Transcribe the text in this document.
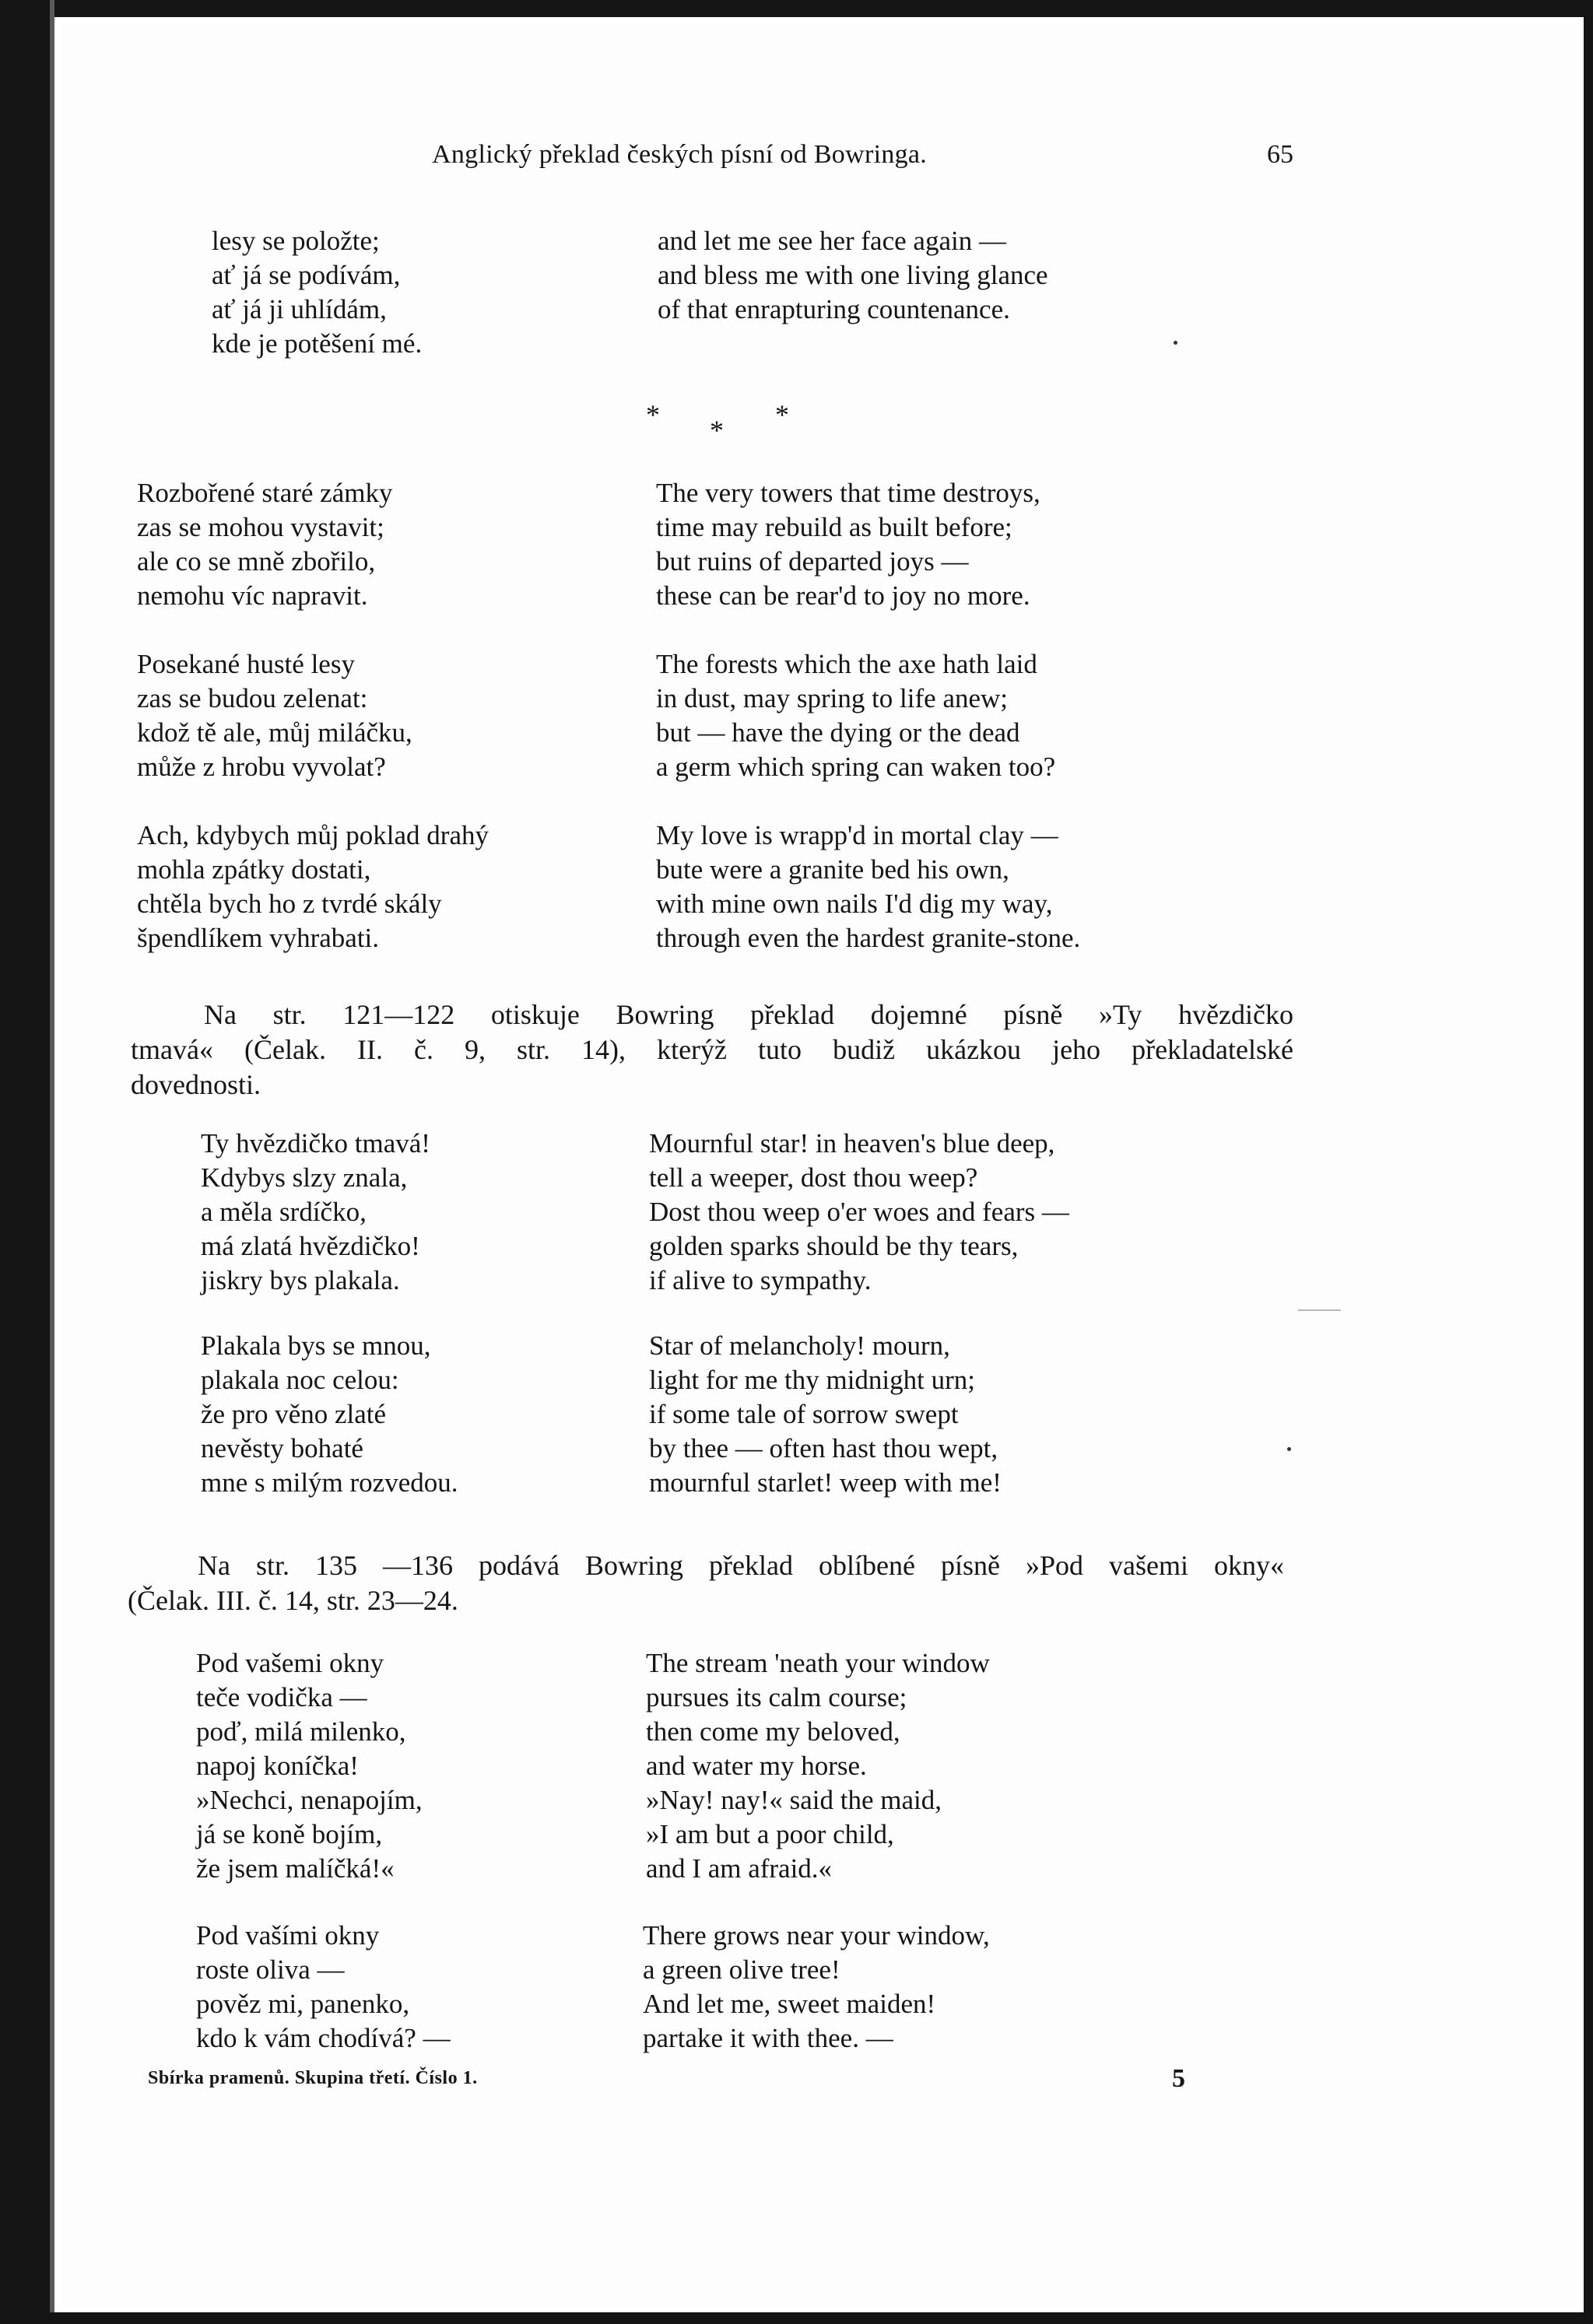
Anglický překlad českých písní od Bowringa.	65
lesy se položte;
ať já se podívám,
ať já ji uhlídám,
kde je potěšení mé.
and let me see her face again —
and bless me with one living glance
of that enrapturing countenance.
* * *
Rozbořené staré zámky
zas se mohou vystavit;
ale co se mně zbořilo,
nemohu víc napravit.
The very towers that time destroys,
time may rebuild as built before;
but ruins of departed joys —
these can be rear'd to joy no more.
Posekané husté lesy
zas se budou zelenat:
kdož tě ale, můj miláčku,
může z hrobu vyvolat?
The forests which the axe hath laid
in dust, may spring to life anew;
but — have the dying or the dead
a germ which spring can waken too?
Ach, kdybych můj poklad drahý
mohla zpátky dostati,
chtěla bych ho z tvrdé skály
špendlíkem vyhrabati.
My love is wrapp'd in mortal clay —
bute were a granite bed his own,
with mine own nails I'd dig my way,
through even the hardest granite-stone.
Na str. 121—122 otiskuje Bowring překlad dojemné písně »Ty hvězdičko
tmavá« (Čelak. II. č. 9, str. 14), kterýž tuto budiž ukázkou jeho překladatelské
dovednosti.
Ty hvězdičko tmavá!
Kdybys slzy znala,
a měla srdíčko,
má zlatá hvězdičko!
jiskry bys plakala.
Mournful star! in heaven's blue deep,
tell a weeper, dost thou weep?
Dost thou weep o'er woes and fears —
golden sparks should be thy tears,
if alive to sympathy.
Plakala bys se mnou,
plakala noc celou:
že pro věno zlaté
nevěsty bohaté
mne s milým rozvedou.
Star of melancholy! mourn,
light for me thy midnight urn;
if some tale of sorrow swept
by thee — often hast thou wept,
mournful starlet! weep with me!
Na str. 135 —136 podává Bowring překlad oblíbené písně »Pod vašemi okny«
(Čelak. III. č. 14, str. 23—24.
Pod vašemi okny
teče vodička —
poď, milá milenko,
napoj koníčka!
»Nechci, nenapojím,
já se koně bojím,
že jsem malíčká!«
The stream 'neath your window
pursues its calm course;
then come my beloved,
and water my horse.
»Nay! nay!« said the maid,
»I am but a poor child,
and I am afraid.«
Pod vašími okny
roste oliva —
pověz mi, panenko,
kdo k vám chodívá? —
There grows near your window,
a green olive tree!
And let me, sweet maiden!
partake it with thee. —
Sbírka pramenů. Skupina třetí. Číslo 1.	5
